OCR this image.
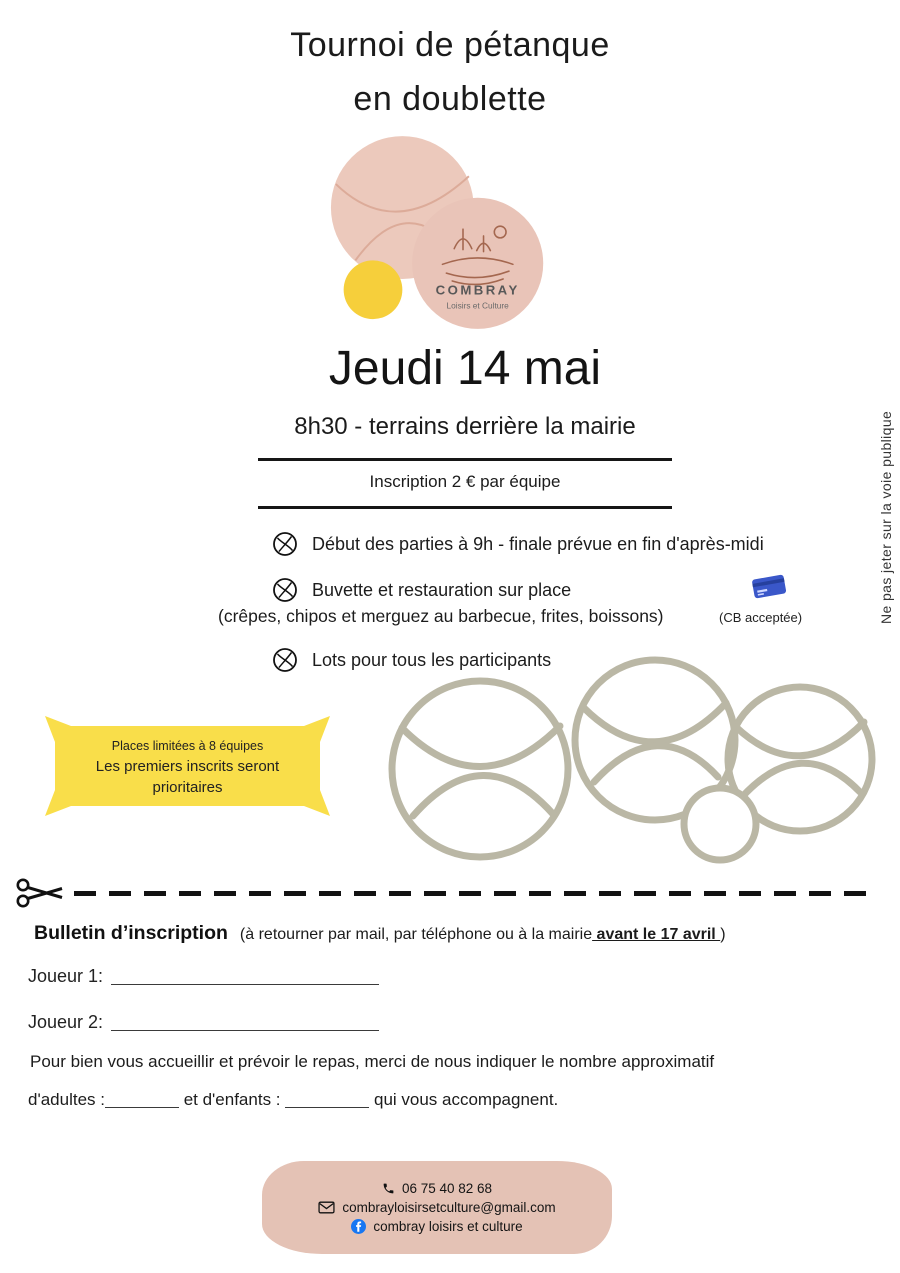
Tournoi de pétanque
en doublette
COMBRAY
Loisirs et Culture
Jeudi 14 mai
8h30 - terrains derrière la mairie
Inscription 2 € par équipe
Début des parties à 9h - finale prévue en fin d'après-midi
Buvette et restauration sur place
(crêpes, chipos et merguez au barbecue, frites, boissons)	(CB acceptée)
Lots pour tous les participants
Places limitées à 8 équipes
Les premiers inscrits seront prioritaires
Ne pas jeter sur la voie publique
Bulletin d’inscription (à retourner par mail, par téléphone ou à la mairie avant le 17 avril )
Joueur 1:
Joueur 2:
Pour bien vous accueillir et prévoir le repas, merci de nous indiquer le nombre approximatif
d'adultes :	et d'enfants :	qui vous accompagnent.
06 75 40 82 68
combrayloisirsetculture@gmail.com
combray loisirs et culture
